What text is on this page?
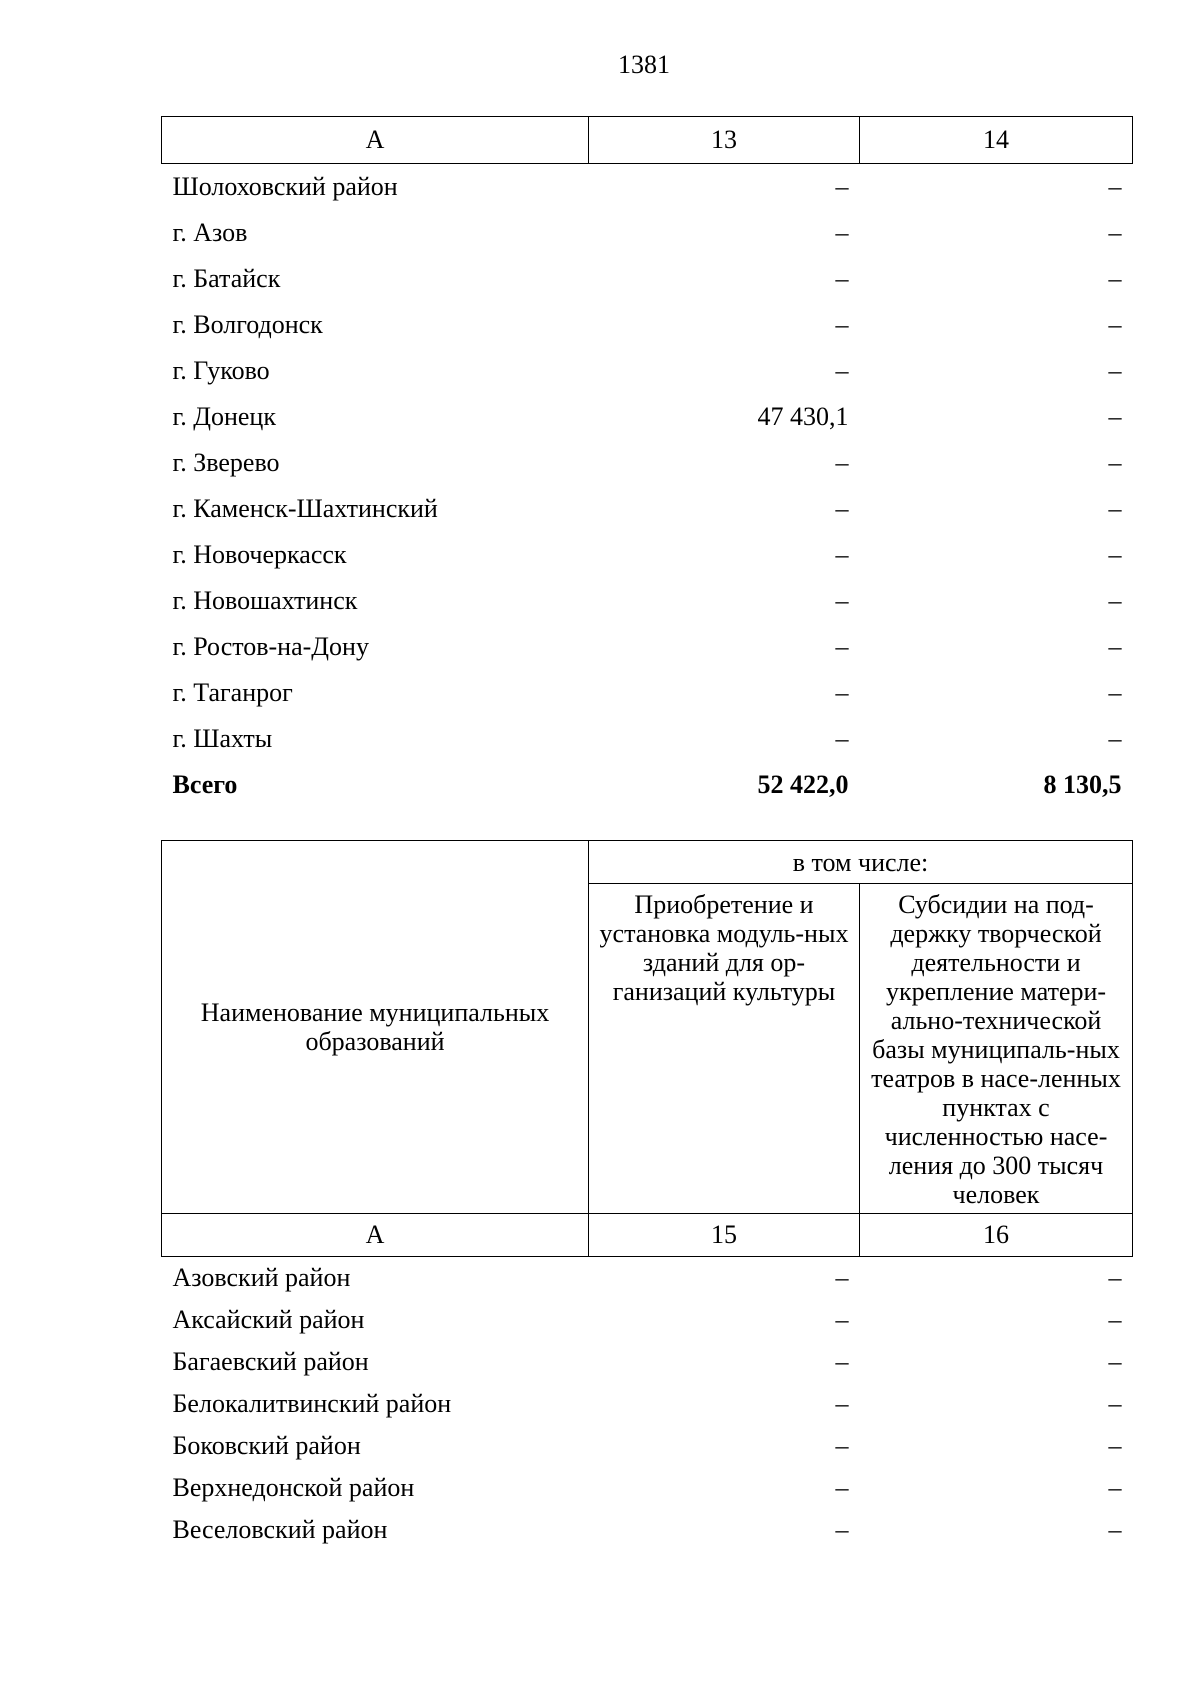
1381
А	13	14
Шолоховский район	–	–
г. Азов	–	–
г. Батайск	–	–
г. Волгодонск	–	–
г. Гуково	–	–
г. Донецк	47 430,1	–
г. Зверево	–	–
г. Каменск-Шахтинский	–	–
г. Новочеркасск	–	–
г. Новошахтинск	–	–
г. Ростов-на-Дону	–	–
г. Таганрог	–	–
г. Шахты	–	–
Всего	52 422,0	8 130,5
Наименование муниципальных образований	в том числе:	
	Приобретение и установка модуль-ных зданий для ор-ганизаций культуры	Субсидии на под-держку творческой деятельности и укрепление матери-ально-технической базы муниципаль-ных театров в насе-ленных пунктах с численностью насе-ления до 300 тысяч человек
А	15	16
Азовский район	–	–
Аксайский район	–	–
Багаевский район	–	–
Белокалитвинский район	–	–
Боковский район	–	–
Верхнедонской район	–	–
Веселовский район	–	–
